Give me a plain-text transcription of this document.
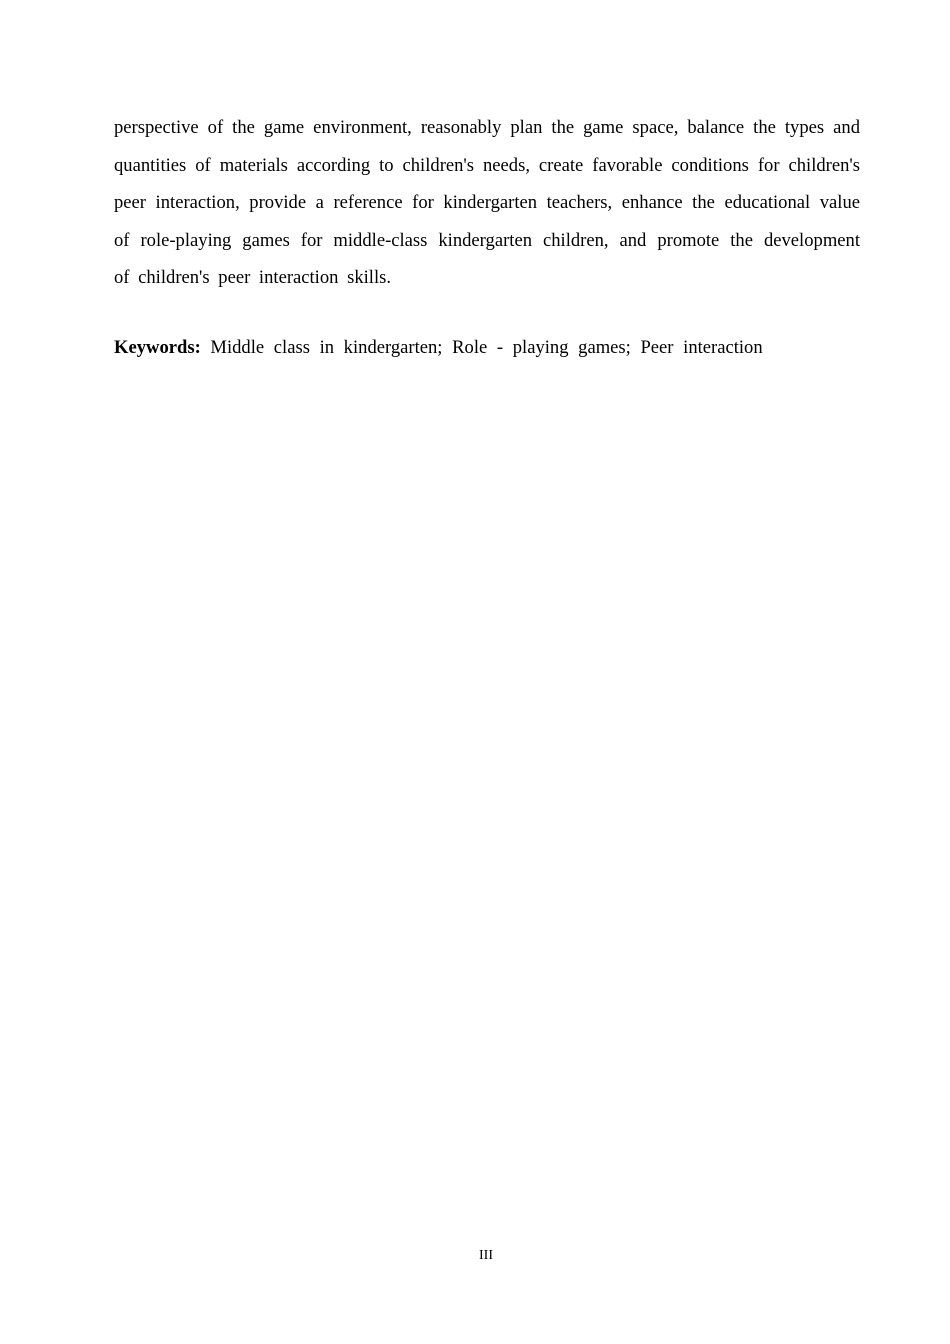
perspective of the game environment, reasonably plan the game space, balance the types and quantities of materials according to children's needs, create favorable conditions for children's peer interaction, provide a reference for kindergarten teachers, enhance the educational value of role-playing games for middle-class kindergarten children, and promote the development of children's peer interaction skills.

Keywords: Middle class in kindergarten; Role - playing games; Peer interaction

III
